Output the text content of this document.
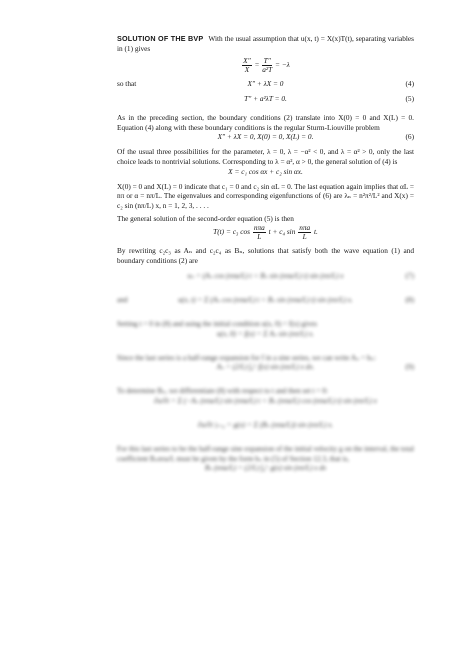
SOLUTION OF THE BVP With the usual assumption that u(x, t) = X(x)T(t), separating variables in (1) gives

$\frac{X''}{X} = \frac{T''}{\text{a²T}} = -\lambda$
so that	X″ + λX = 0	(4)
T″ + a²λT = 0.	(5)

As in the preceding section, the boundary conditions (2) translate into X(0) = 0 and X(L) = 0. Equation (4) along with these boundary conditions is the regular Sturm-Liouville problem

X″ + λX = 0, X(0) = 0, X(L) = 0.	(6)

Of the usual three possibilities for the parameter, λ = 0, λ = −α² < 0, and λ = α² > 0, only the last choice leads to nontrivial solutions. Corresponding to λ = α², α > 0, the general solution of (4) is

X = c₁ cos αx + c₂ sin αx.

X(0) = 0 and X(L) = 0 indicate that c₁ = 0 and c₂ sin αL = 0. The last equation again implies that αL = nπ or α = nπ/L. The eigenvalues and corresponding eigenfunctions of (6) are λₙ = n²π²/L² and X(x) = c₂ sin (nπ/L) x, n = 1, 2, 3, . . . .

The general solution of the second-order equation (5) is then

T(t) = c₃ $\cos \frac{\text{nπa}}{L}$ t + c₄ $\sin \frac{\text{nπa}}{L} t$.

By rewriting c₂c₃ as Aₙ and c₂c₄ as Bₙ, solutions that satisfy both the wave equation (1) and boundary conditions (2) are

uₙ = (Aₙ cos (nπa/L) t + Bₙ sin (nπa/L) t) sin (nπ/L) x	(7)
and	u(x, t) = Σ (Aₙ cos (nπa/L) t + Bₙ sin (nπa/L) t) sin (nπ/L) x.	(8)

Setting t = 0 in (8) and using the initial condition u(x, 0) = f(x) gives

u(x, 0) = f(x) = Σ Aₙ sin (nπ/L) x.

Since the last series is a half-range expansion for f in a sine series, we can write Aₙ = bₙ:

Aₙ = (2/L) ∫₀ᴸ f(x) sin (nπ/L) x dx.	(9)

To determine Bₙ, we differentiate (8) with respect to t and then set t = 0:

∂u/∂t = Σ (−Aₙ (nπa/L) sin (nπa/L) t + Bₙ (nπa/L) cos (nπa/L) t) sin (nπ/L) x
∂u/∂t |ₜ₌₀ = g(x) = Σ (Bₙ (nπa/L)) sin (nπ/L) x.

For this last series to be the half-range sine expansion of the initial velocity g on the interval, the total coefficient Bₙnπa/L must be given by the form bₙ in (5) of Section 12.3, that is,

Bₙ (nπa/L) = (2/L) ∫₀ᴸ g(x) sin (nπ/L) x dx
